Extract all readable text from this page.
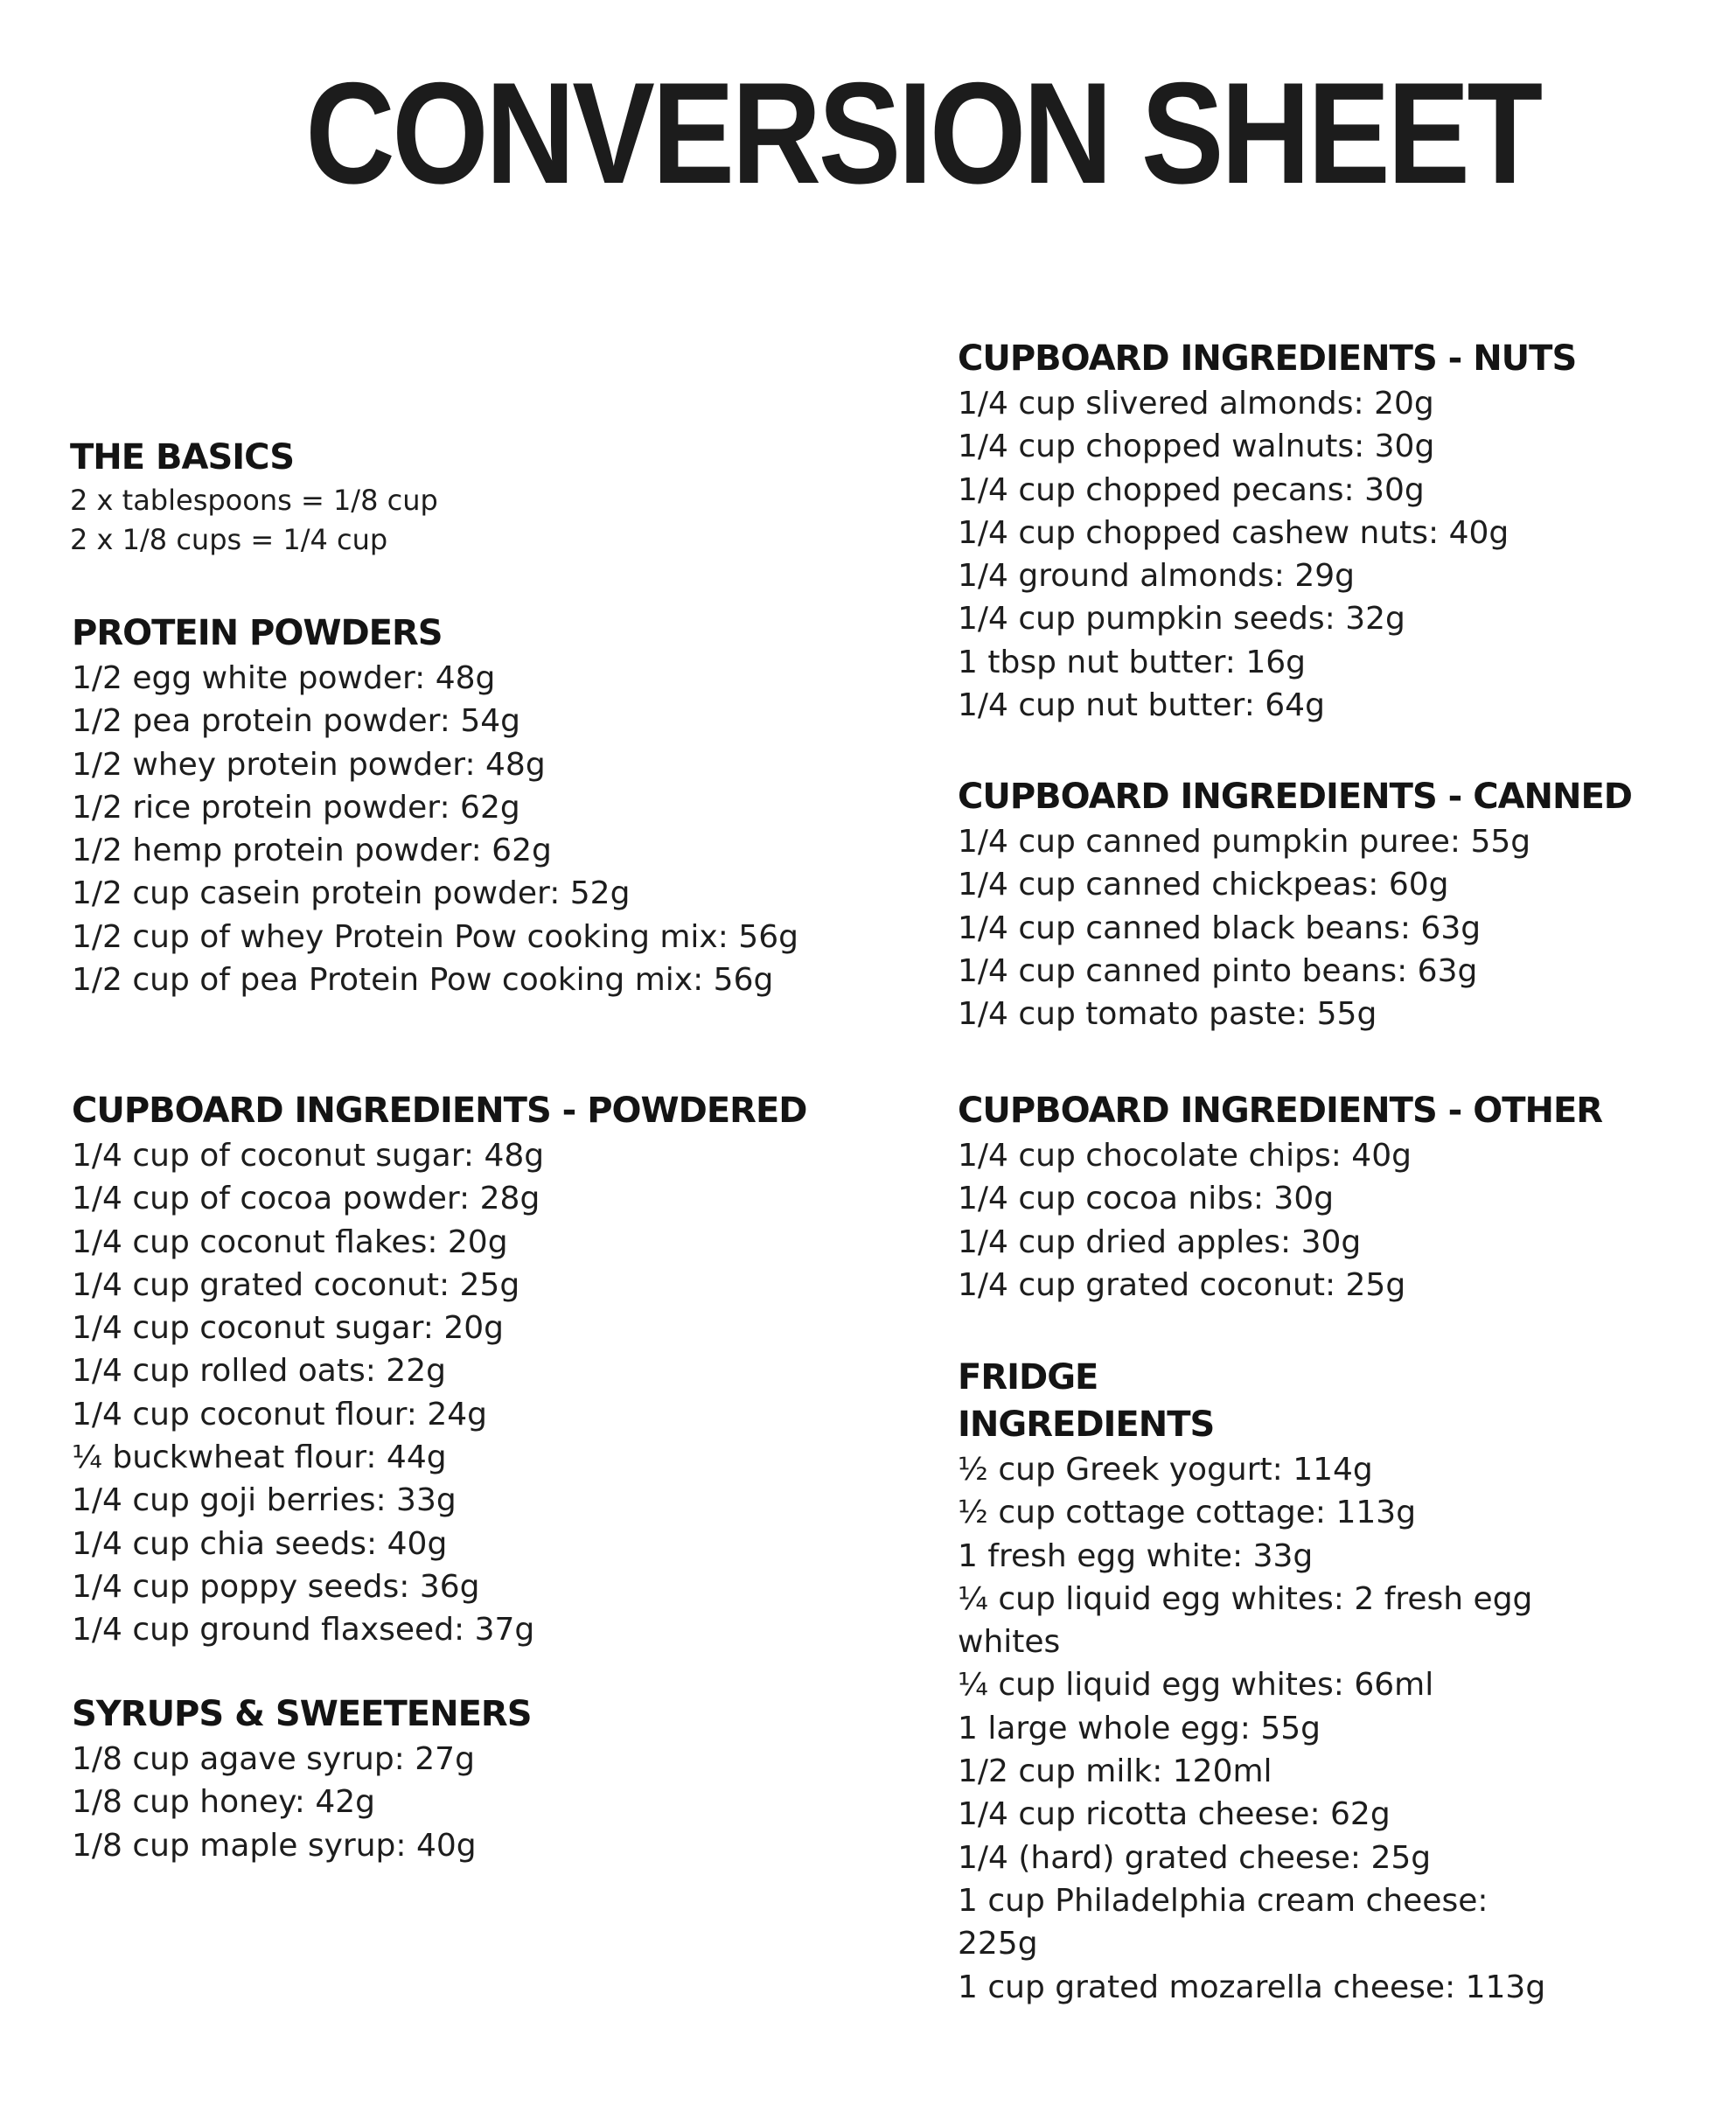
CONVERSION SHEET
THE BASICS
2 x tablespoons = 1/8 cup
2 x 1/8 cups = 1/4 cup
PROTEIN POWDERS
1/2 egg white powder: 48g
1/2 pea protein powder: 54g
1/2 whey protein powder: 48g
1/2 rice protein powder: 62g
1/2 hemp protein powder: 62g
1/2 cup casein protein powder: 52g
1/2 cup of whey Protein Pow cooking mix: 56g
1/2 cup of pea Protein Pow cooking mix: 56g
CUPBOARD INGREDIENTS - POWDERED
1/4 cup of coconut sugar: 48g
1/4 cup of cocoa powder: 28g
1/4 cup coconut flakes: 20g
1/4 cup grated coconut: 25g
1/4 cup coconut sugar: 20g
1/4 cup rolled oats: 22g
1/4 cup coconut flour: 24g
¼ buckwheat flour: 44g
1/4 cup goji berries: 33g
1/4 cup chia seeds: 40g
1/4 cup poppy seeds: 36g
1/4 cup ground flaxseed: 37g
SYRUPS & SWEETENERS
1/8 cup agave syrup: 27g
1/8 cup honey: 42g
1/8 cup maple syrup: 40g
CUPBOARD INGREDIENTS - NUTS
1/4 cup slivered almonds: 20g
1/4 cup chopped walnuts: 30g
1/4 cup chopped pecans: 30g
1/4 cup chopped cashew nuts: 40g
1/4 ground almonds: 29g
1/4 cup pumpkin seeds: 32g
1 tbsp nut butter: 16g
1/4 cup nut butter: 64g
CUPBOARD INGREDIENTS - CANNED
1/4 cup canned pumpkin puree: 55g
1/4 cup canned chickpeas: 60g
1/4 cup canned black beans: 63g
1/4 cup canned pinto beans: 63g
1/4 cup tomato paste: 55g
CUPBOARD INGREDIENTS - OTHER
1/4 cup chocolate chips: 40g
1/4 cup cocoa nibs: 30g
1/4 cup dried apples: 30g
1/4 cup grated coconut: 25g
FRIDGE INGREDIENTS
½ cup Greek yogurt: 114g
½ cup cottage cottage: 113g
1 fresh egg white: 33g
¼ cup liquid egg whites: 2 fresh egg whites
¼ cup liquid egg whites: 66ml
1 large whole egg: 55g
1/2 cup milk: 120ml
1/4 cup ricotta cheese: 62g
1/4 (hard) grated cheese: 25g
1 cup Philadelphia cream cheese: 225g
1 cup grated mozarella cheese: 113g
